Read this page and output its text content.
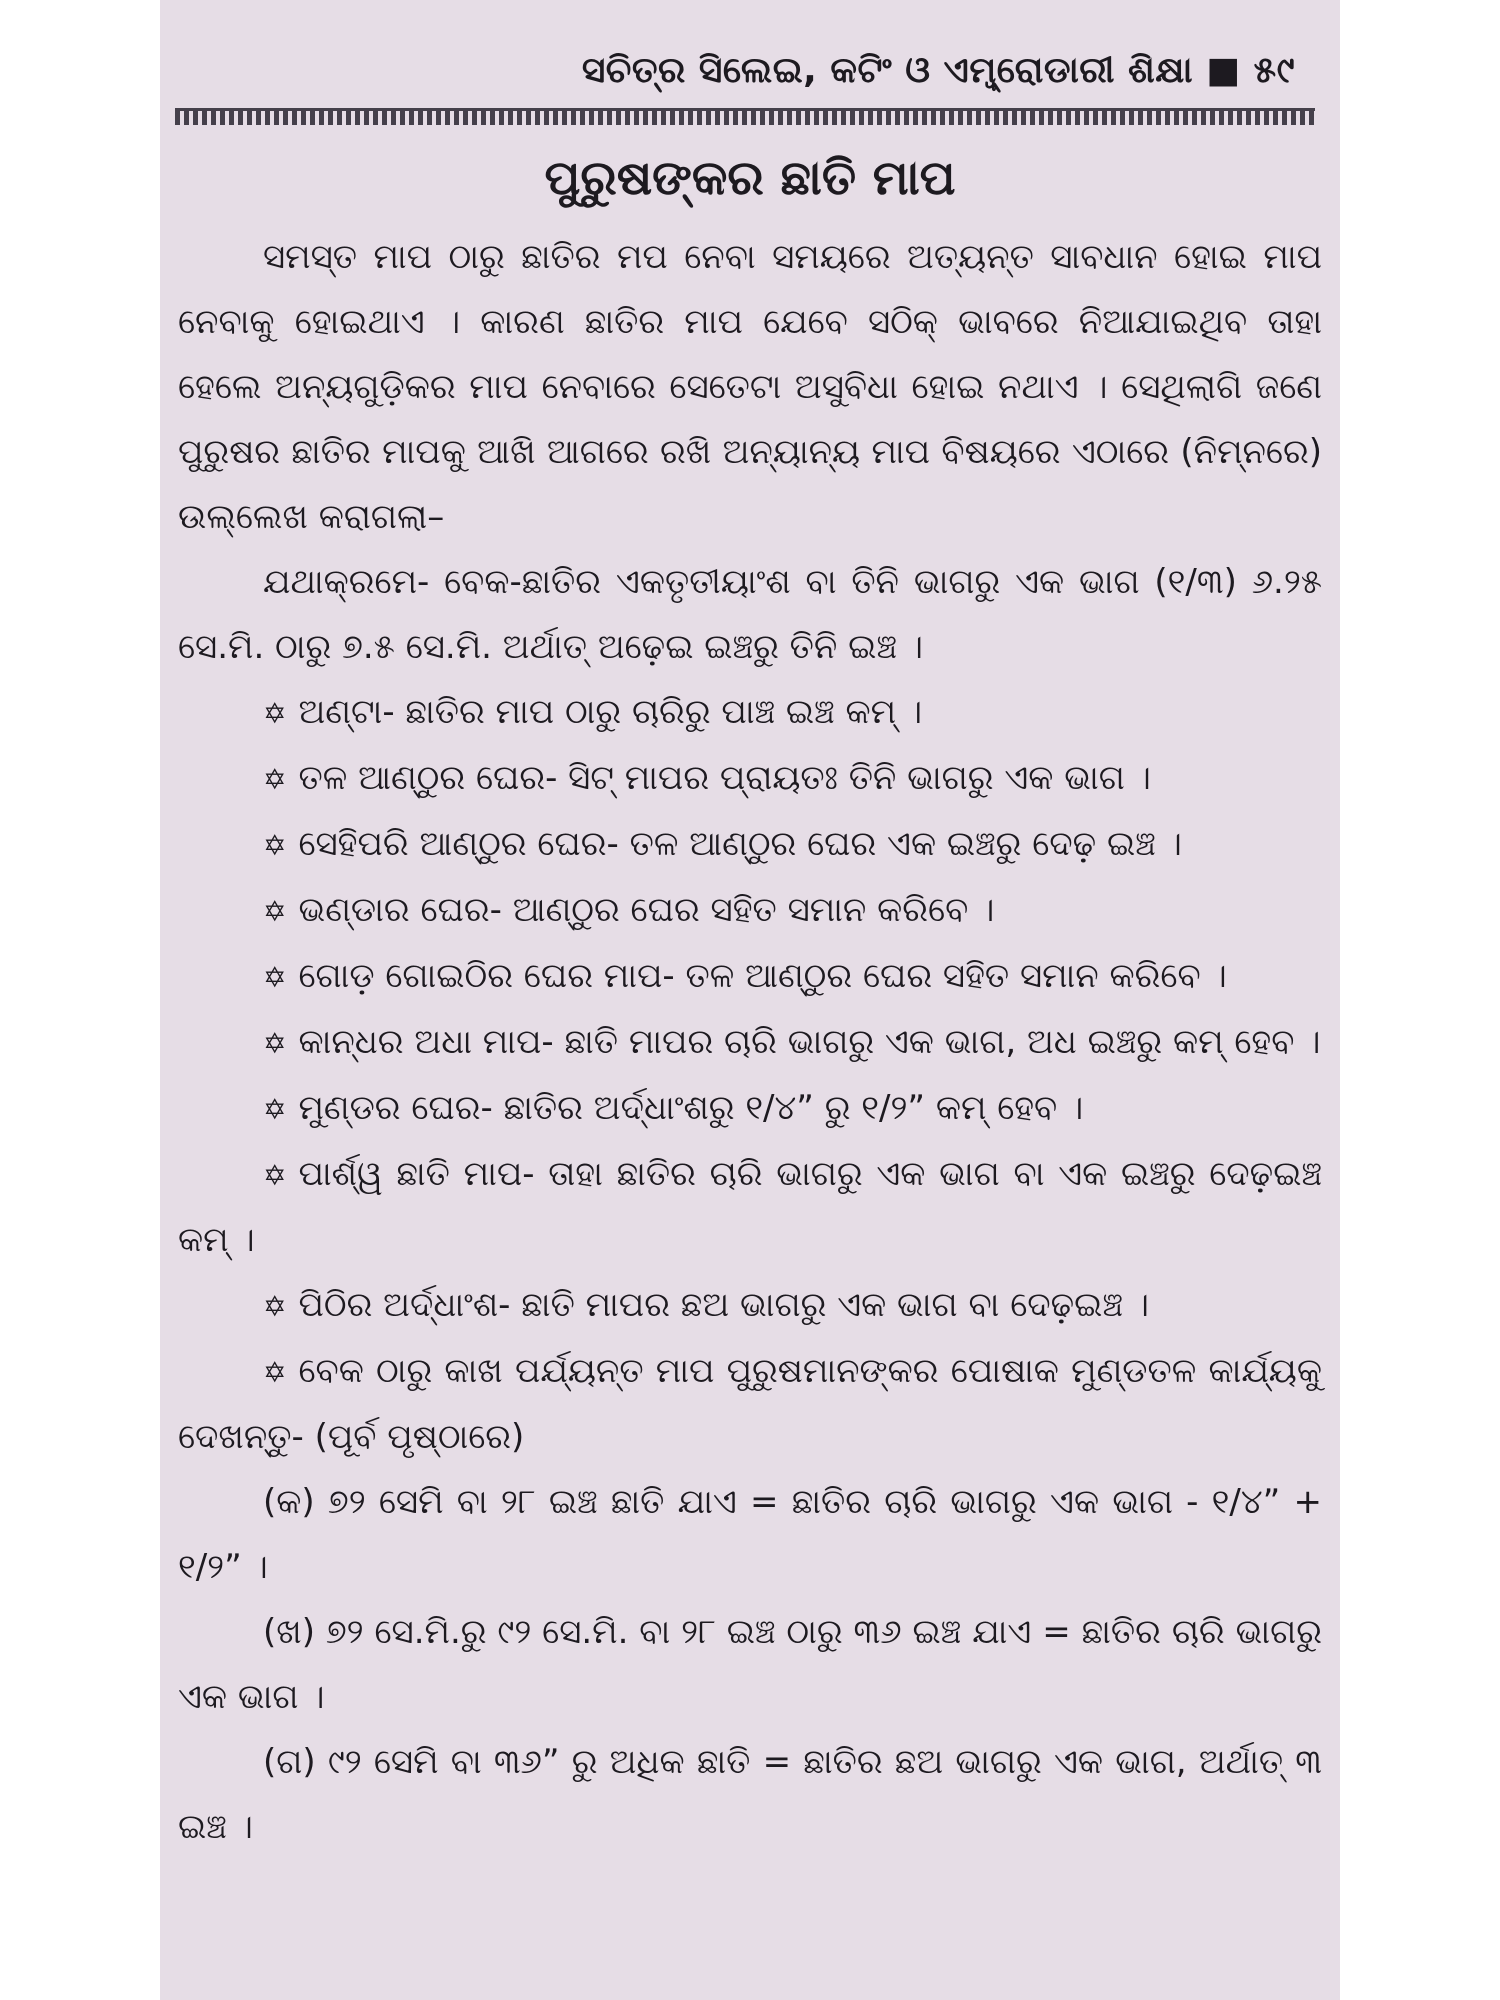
ସଚିତ୍ର ସିଲେଇ, କଟିଂ ଓ ଏମ୍ବ୍ରୋଡାରୀ ଶିକ୍ଷା ■ ୫୯
ପୁରୁଷଙ୍କର ଛାତି ମାପ

ସମସ୍ତ ମାପ ଠାରୁ ଛାତିର ମପ ନେବା ସମୟରେ ଅତ୍ୟନ୍ତ ସାବଧାନ ହୋଇ ମାପ ନେବାକୁ ହୋଇଥାଏ । କାରଣ ଛାତିର ମାପ ଯେବେ ସଠିକ୍ ଭାବରେ ନିଆଯାଇଥିବ ତାହା ହେଲେ ଅନ୍ୟଗୁଡ଼ିକର ମାପ ନେବାରେ ସେତେଟା ଅସୁବିଧା ହୋଇ ନଥାଏ । ସେଥିଲାଗି ଜଣେ ପୁରୁଷର ଛାତିର ମାପକୁ ଆଖି ଆଗରେ ରଖି ଅନ୍ୟାନ୍ୟ ମାପ ବିଷୟରେ ଏଠାରେ (ନିମ୍ନରେ) ଉଲ୍ଲେଖ କରାଗଲା–

ଯଥାକ୍ରମେ- ବେକ-ଛାତିର ଏକତୃତୀୟାଂଶ ବା ତିନି ଭାଗରୁ ଏକ ଭାଗ (୧/୩) ୬.୨୫ ସେ.ମି. ଠାରୁ ୭.୫ ସେ.ମି. ଅର୍ଥାତ୍ ଅଢ଼େଇ ଇଞ୍ଚରୁ ତିନି ଇଞ୍ଚ ।

✡ ଅଣ୍ଟା- ଛାତିର ମାପ ଠାରୁ ଚାରିରୁ ପାଞ୍ଚ ଇଞ୍ଚ କମ୍ ।

✡ ତଳ ଆଣ୍ଠୁର ଘେର- ସିଟ୍ ମାପର ପ୍ରାୟତଃ ତିନି ଭାଗରୁ ଏକ ଭାଗ ।

✡ ସେହିପରି ଆଣ୍ଠୁର ଘେର- ତଳ ଆଣ୍ଠୁର ଘେର ଏକ ଇଞ୍ଚରୁ ଦେଢ଼ ଇଞ୍ଚ ।

✡ ଭଣ୍ଡାର ଘେର- ଆଣ୍ଠୁର ଘେର ସହିତ ସମାନ କରିବେ ।

✡ ଗୋଡ଼ ଗୋଇଠିର ଘେର ମାପ- ତଳ ଆଣ୍ଠୁର ଘେର ସହିତ ସମାନ କରିବେ ।

✡ କାନ୍ଧର ଅଧା ମାପ- ଛାତି ମାପର ଚାରି ଭାଗରୁ ଏକ ଭାଗ, ଅଧ ଇଞ୍ଚରୁ କମ୍ ହେବ ।

✡ ମୁଣ୍ଡର ଘେର- ଛାତିର ଅର୍ଦ୍ଧାଂଶରୁ ୧/୪” ରୁ ୧/୨” କମ୍ ହେବ ।

✡ ପାର୍ଶ୍ୱ ଛାତି ମାପ- ତାହା ଛାତିର ଚାରି ଭାଗରୁ ଏକ ଭାଗ ବା ଏକ ଇଞ୍ଚରୁ ଦେଢ଼ଇଞ୍ଚ କମ୍ ।

✡ ପିଠିର ଅର୍ଦ୍ଧାଂଶ- ଛାତି ମାପର ଛଅ ଭାଗରୁ ଏକ ଭାଗ ବା ଦେଢ଼ଇଞ୍ଚ ।

✡ ବେକ ଠାରୁ କାଖ ପର୍ଯ୍ୟନ୍ତ ମାପ ପୁରୁଷମାନଙ୍କର ପୋଷାକ ମୁଣ୍ଡତଳ କାର୍ଯ୍ୟକୁ ଦେଖନ୍ତୁ- (ପୂର୍ବ ପୃଷ୍ଠାରେ)

(କ) ୭୨ ସେମି ବା ୨୮ ଇଞ୍ଚ ଛାତି ଯାଏ = ଛାତିର ଚାରି ଭାଗରୁ ଏକ ଭାଗ - ୧/୪” + ୧/୨” ।

(ଖ) ୭୨ ସେ.ମି.ରୁ ୯୨ ସେ.ମି. ବା ୨୮ ଇଞ୍ଚ ଠାରୁ ୩୬ ଇଞ୍ଚ ଯାଏ = ଛାତିର ଚାରି ଭାଗରୁ ଏକ ଭାଗ ।

(ଗ) ୯୨ ସେମି ବା ୩୬” ରୁ ଅଧିକ ଛାତି = ଛାତିର ଛଅ ଭାଗରୁ ଏକ ଭାଗ, ଅର୍ଥାତ୍ ୩ ଇଞ୍ଚ ।
